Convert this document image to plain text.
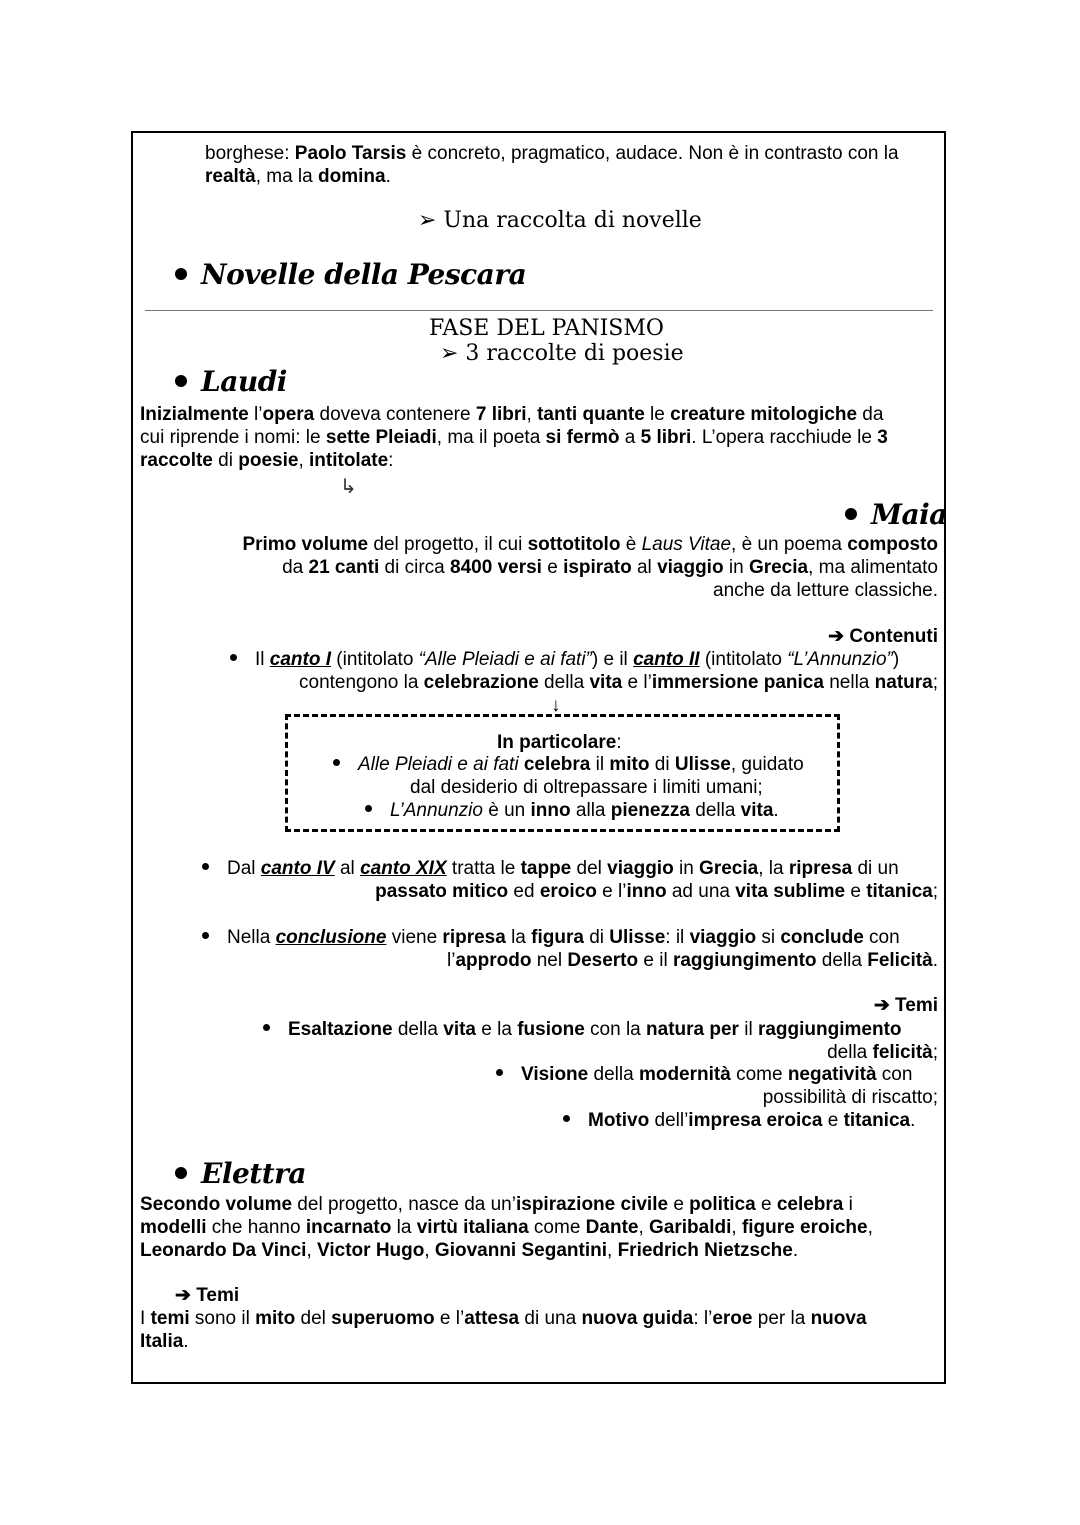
borghese: Paolo Tarsis è concreto, pragmatico, audace. Non è in contrasto con la
realtà, ma la domina.
➢ Una raccolta di novelle
Novelle della Pescara
FASE DEL PANISMO
➢ 3 raccolte di poesie
Laudi
Inizialmente l’opera doveva contenere 7 libri, tanti quante le creature mitologiche da
cui riprende i nomi: le sette Pleiadi, ma il poeta si fermò a 5 libri. L’opera racchiude le 3
raccolte di poesie, intitolate:
↳
Maia
Primo volume del progetto, il cui sottotitolo è Laus Vitae, è un poema composto
da 21 canti di circa 8400 versi e ispirato al viaggio in Grecia, ma alimentato
anche da letture classiche.
➔ Contenuti
Il canto I (intitolato “Alle Pleiadi e ai fati”) e il canto II (intitolato “L’Annunzio”)
contengono la celebrazione della vita e l’immersione panica nella natura;
↓
In particolare:
Alle Pleiadi e ai fati celebra il mito di Ulisse, guidato
dal desiderio di oltrepassare i limiti umani;
L’Annunzio è un inno alla pienezza della vita.
Dal canto IV al canto XIX tratta le tappe del viaggio in Grecia, la ripresa di un
passato mitico ed eroico e l’inno ad una vita sublime e titanica;
Nella conclusione viene ripresa la figura di Ulisse: il viaggio si conclude con
l’approdo nel Deserto e il raggiungimento della Felicità.
➔ Temi
Esaltazione della vita e la fusione con la natura per il raggiungimento
della felicità;
Visione della modernità come negatività con
possibilità di riscatto;
Motivo dell’impresa eroica e titanica.
Elettra
Secondo volume del progetto, nasce da un’ispirazione civile e politica e celebra i
modelli che hanno incarnato la virtù italiana come Dante, Garibaldi, figure eroiche,
Leonardo Da Vinci, Victor Hugo, Giovanni Segantini, Friedrich Nietzsche.
➔ Temi
I temi sono il mito del superuomo e l’attesa di una nuova guida: l’eroe per la nuova
Italia.
